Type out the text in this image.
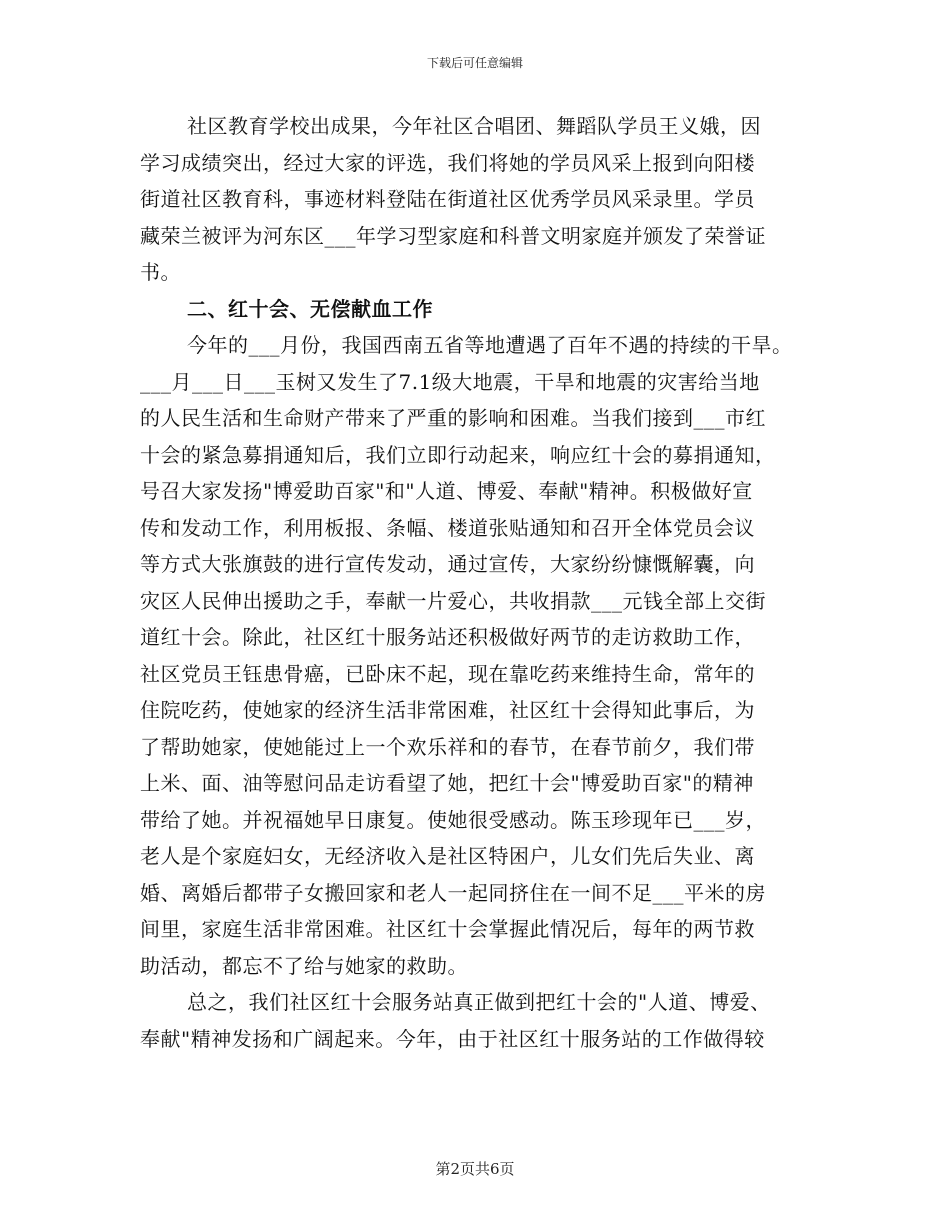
下载后可任意编辑
社区教育学校出成果，今年社区合唱团、舞蹈队学员王义娥，因
学习成绩突出，经过大家的评选，我们将她的学员风采上报到向阳楼
街道社区教育科，事迹材料登陆在街道社区优秀学员风采录里。学员
藏荣兰被评为河东区___年学习型家庭和科普文明家庭并颁发了荣誉证
书。
二、红十会、无偿献血工作
今年的___月份，我国西南五省等地遭遇了百年不遇的持续的干旱。
___月___日___玉树又发生了7.1级大地震，干旱和地震的灾害给当地
的人民生活和生命财产带来了严重的影响和困难。当我们接到___市红
十会的紧急募捐通知后，我们立即行动起来，响应红十会的募捐通知，
号召大家发扬"博爱助百家"和"人道、博爱、奉献"精神。积极做好宣
传和发动工作，利用板报、条幅、楼道张贴通知和召开全体党员会议
等方式大张旗鼓的进行宣传发动，通过宣传，大家纷纷慷慨解囊，向
灾区人民伸出援助之手，奉献一片爱心，共收捐款___元钱全部上交街
道红十会。除此，社区红十服务站还积极做好两节的走访救助工作，
社区党员王钰患骨癌，已卧床不起，现在靠吃药来维持生命，常年的
住院吃药，使她家的经济生活非常困难，社区红十会得知此事后，为
了帮助她家，使她能过上一个欢乐祥和的春节，在春节前夕，我们带
上米、面、油等慰问品走访看望了她，把红十会"博爱助百家"的精神
带给了她。并祝福她早日康复。使她很受感动。陈玉珍现年已___岁，
老人是个家庭妇女，无经济收入是社区特困户，儿女们先后失业、离
婚、离婚后都带子女搬回家和老人一起同挤住在一间不足___平米的房
间里，家庭生活非常困难。社区红十会掌握此情况后，每年的两节救
助活动，都忘不了给与她家的救助。
总之，我们社区红十会服务站真正做到把红十会的"人道、博爱、
奉献"精神发扬和广阔起来。今年，由于社区红十服务站的工作做得较
第2页共6页
